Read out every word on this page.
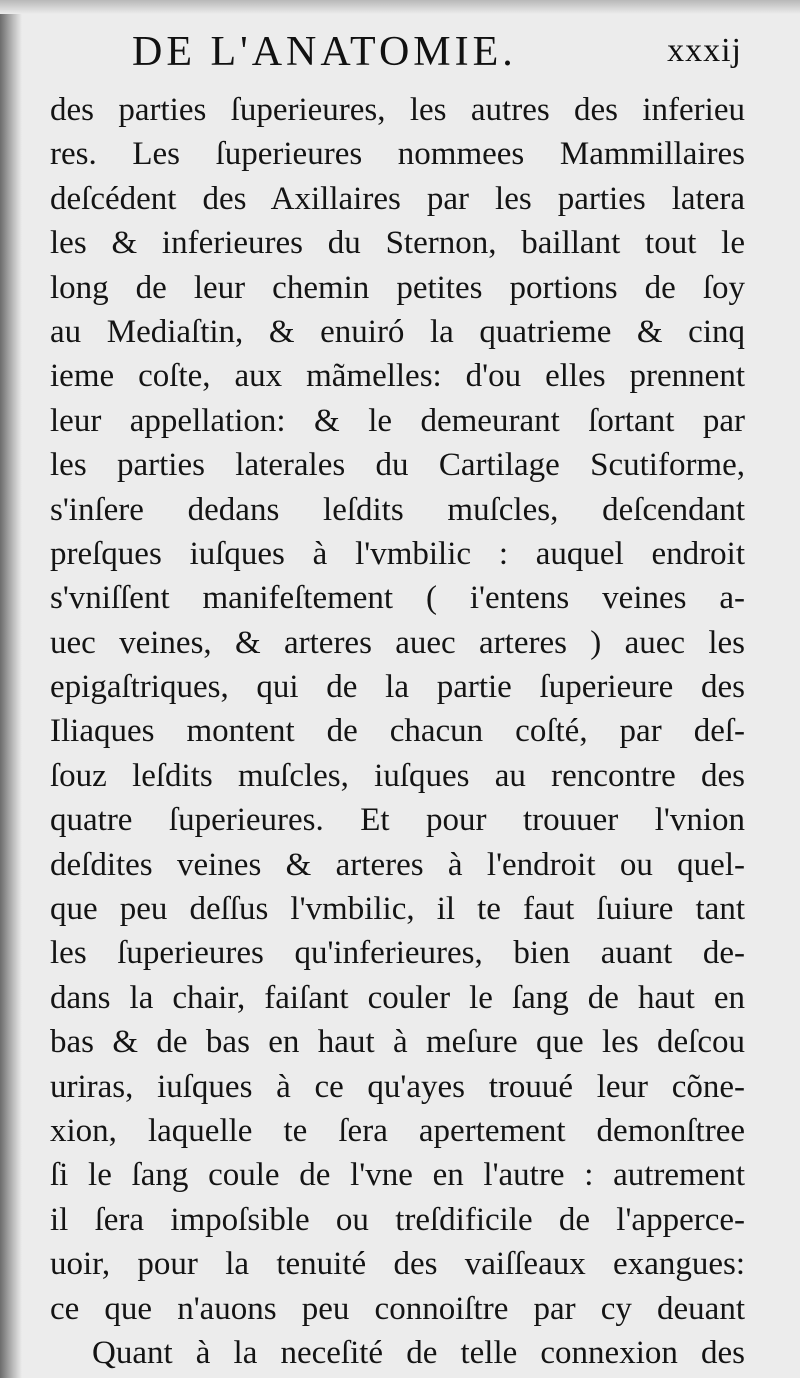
DE L'ANATOMIE.	xxxij
des parties ſuperieures, les autres des inferieu
res. Les ſuperieures nommees Mammillaires
deſcédent des Axillaires par les parties latera
les & inferieures du Sternon, baillant tout le
long de leur chemin petites portions de ſoy
au Mediaſtin, & enuiró la quatrieme & cinq
ieme coſte, aux mãmelles: d'ou elles prennent
leur appellation: & le demeurant ſortant par
les parties laterales du Cartilage Scutiforme,
s'inſere dedans leſdits muſcles, deſcendant
preſques iuſques à l'vmbilic : auquel endroit
s'vniſſent manifeſtement ( i'entens veines a-
uec veines, & arteres auec arteres ) auec les
epigaſtriques, qui de la partie ſuperieure des
Iliaques montent de chacun coſté, par deſ-
ſouz leſdits muſcles, iuſques au rencontre des
quatre ſuperieures. Et pour trouuer l'vnion
deſdites veines & arteres à l'endroit ou quel-
que peu deſſus l'vmbilic, il te faut ſuiure tant
les ſuperieures qu'inferieures, bien auant de-
dans la chair, faiſant couler le ſang de haut en
bas & de bas en haut à meſure que les deſcou
uriras, iuſques à ce qu'ayes trouué leur cõne-
xion, laquelle te ſera apertement demonſtree
ſi le ſang coule de l'vne en l'autre : autrement
il ſera impoſsible ou treſdificile de l'apperce-
uoir, pour la tenuité des vaiſſeaux exangues:
ce que n'auons peu connoiſtre par cy deuant
Quant à la neceſité de telle connexion des
